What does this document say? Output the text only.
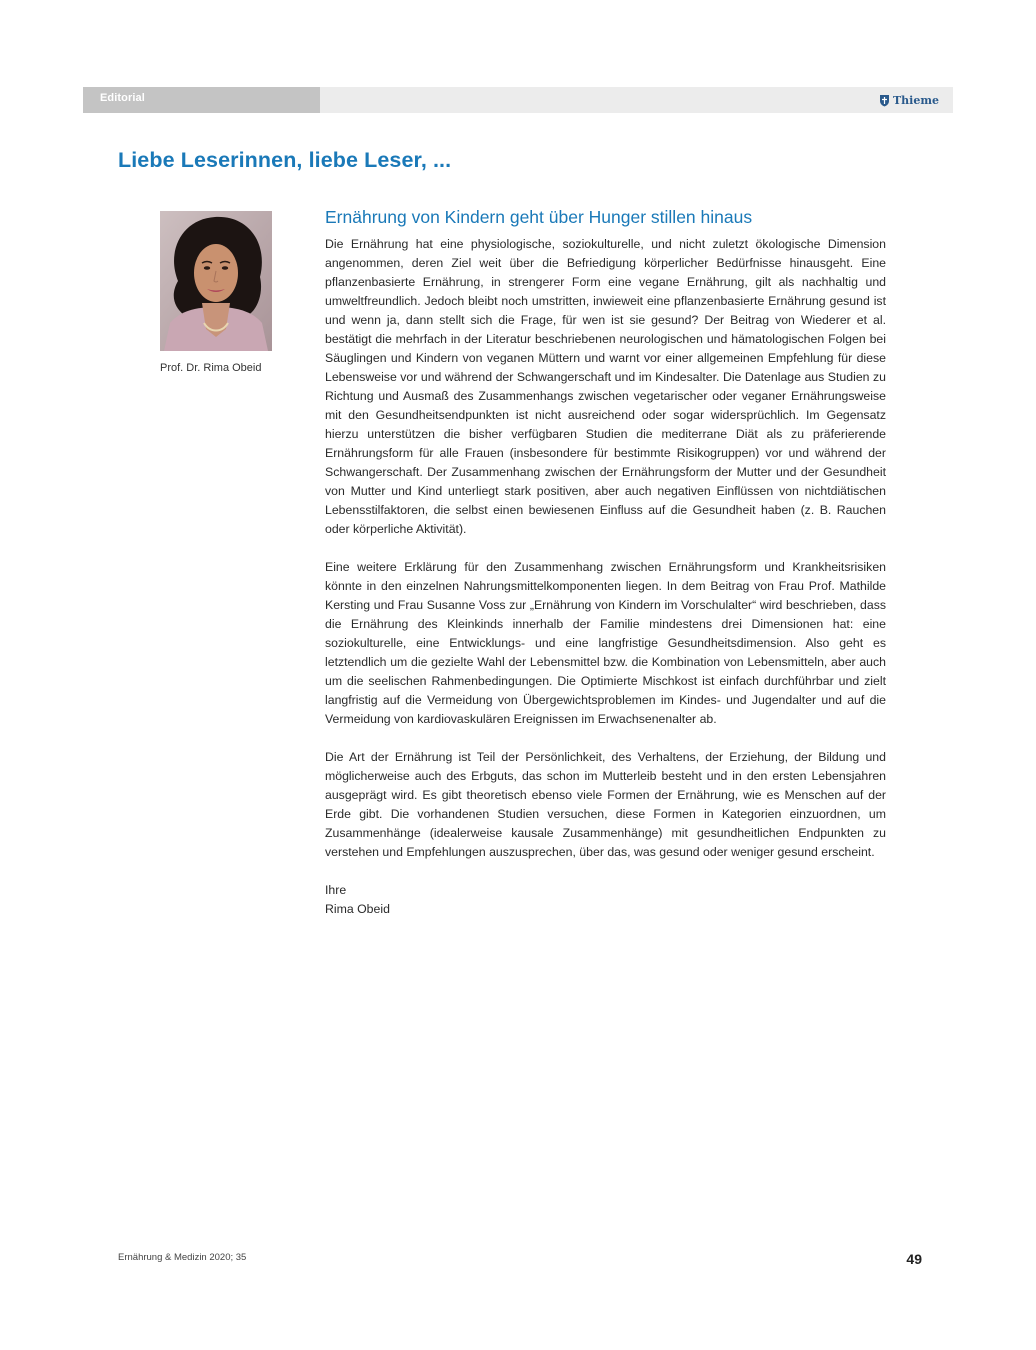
Editorial	Thieme
Liebe Leserinnen, liebe Leser, ...
Prof. Dr. Rima Obeid
Ernährung von Kindern geht über Hunger stillen hinaus

Die Ernährung hat eine physiologische, soziokulturelle, und nicht zuletzt ökologische Dimension angenommen, deren Ziel weit über die Befriedigung körperlicher Bedürfnisse hinausgeht. Eine pflanzenbasierte Ernährung, in strengerer Form eine vegane Ernährung, gilt als nachhaltig und umweltfreundlich. Jedoch bleibt noch umstritten, inwieweit eine pflanzenbasierte Ernährung gesund ist und wenn ja, dann stellt sich die Frage, für wen ist sie gesund? Der Beitrag von Wiederer et al. bestätigt die mehrfach in der Literatur beschriebenen neurologischen und hämatologischen Folgen bei Säuglingen und Kindern von veganen Müttern und warnt vor einer allgemeinen Empfehlung für diese Lebensweise vor und während der Schwangerschaft und im Kindesalter. Die Datenlage aus Studien zu Richtung und Ausmaß des Zusammenhangs zwischen vegetarischer oder veganer Ernährungsweise mit den Gesundheitsendpunkten ist nicht ausreichend oder sogar widersprüchlich. Im Gegensatz hierzu unterstützen die bisher verfügbaren Studien die mediterrane Diät als zu präferierende Ernährungsform für alle Frauen (insbesondere für bestimmte Risikogruppen) vor und während der Schwangerschaft. Der Zusammenhang zwischen der Ernährungsform der Mutter und der Gesundheit von Mutter und Kind unterliegt stark positiven, aber auch negativen Einflüssen von nichtdiätischen Lebensstilfaktoren, die selbst einen bewiesenen Einfluss auf die Gesundheit haben (z. B. Rauchen oder körperliche Aktivität).

Eine weitere Erklärung für den Zusammenhang zwischen Ernährungsform und Krankheitsrisiken könnte in den einzelnen Nahrungsmittelkomponenten liegen. In dem Beitrag von Frau Prof. Mathilde Kersting und Frau Susanne Voss zur „Ernährung von Kindern im Vorschulalter“ wird beschrieben, dass die Ernährung des Kleinkinds innerhalb der Familie mindestens drei Dimensionen hat: eine soziokulturelle, eine Entwicklungs- und eine langfristige Gesundheitsdimension. Also geht es letztendlich um die gezielte Wahl der Lebensmittel bzw. die Kombination von Lebensmitteln, aber auch um die seelischen Rahmenbedingungen. Die Optimierte Mischkost ist einfach durchführbar und zielt langfristig auf die Vermeidung von Übergewichtsproblemen im Kindes- und Jugendalter und auf die Vermeidung von kardiovaskulären Ereignissen im Erwachsenenalter ab.

Die Art der Ernährung ist Teil der Persönlichkeit, des Verhaltens, der Erziehung, der Bildung und möglicherweise auch des Erbguts, das schon im Mutterleib besteht und in den ersten Lebensjahren ausgeprägt wird. Es gibt theoretisch ebenso viele Formen der Ernährung, wie es Menschen auf der Erde gibt. Die vorhandenen Studien versuchen, diese Formen in Kategorien einzuordnen, um Zusammenhänge (idealerweise kausale Zusammenhänge) mit gesundheitlichen Endpunkten zu verstehen und Empfehlungen auszusprechen, über das, was gesund oder weniger gesund erscheint.

Ihre
Rima Obeid
Ernährung & Medizin 2020; 35	49
